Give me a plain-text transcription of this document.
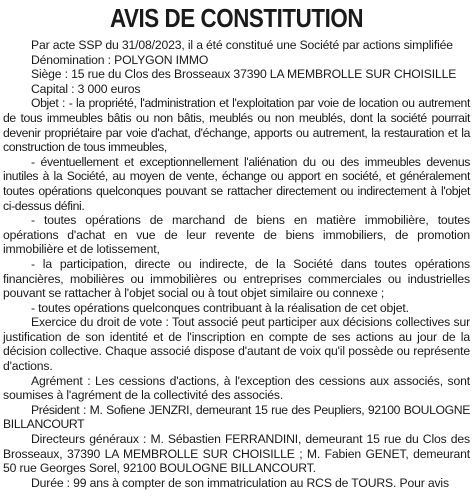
AVIS DE CONSTITUTION

Par acte SSP du 31/08/2023, il a été constitué une Société par actions simplifiée

Dénomination : POLYGON IMMO

Siège : 15 rue du Clos des Brosseaux 37390 LA MEMBROLLE SUR CHOISILLE

Capital : 3 000 euros

Objet : - la propriété, l'administration et l'exploitation par voie de location ou autrement de tous immeubles bâtis ou non bâtis, meublés ou non meublés, dont la société pourrait devenir propriétaire par voie d'achat, d'échange, apports ou autrement, la restauration et la construction de tous immeubles,

- éventuellement et exceptionnellement l'aliénation du ou des immeubles devenus inutiles à la Société, au moyen de vente, échange ou apport en société, et généralement toutes opérations quelconques pouvant se rattacher directement ou indirectement à l'objet ci-dessus défini.

- toutes opérations de marchand de biens en matière immobilière, toutes opérations d'achat en vue de leur revente de biens immobiliers, de promotion immobilière et de lotissement,

- la participation, directe ou indirecte, de la Société dans toutes opérations financières, mobilières ou immobilières ou entreprises commerciales ou industrielles pouvant se rattacher à l'objet social ou à tout objet similaire ou connexe ;

- toutes opérations quelconques contribuant à la réalisation de cet objet.

Exercice du droit de vote : Tout associé peut participer aux décisions collectives sur justification de son identité et de l'inscription en compte de ses actions au jour de la décision collective. Chaque associé dispose d'autant de voix qu'il possède ou représente d'actions.

Agrément : Les cessions d'actions, à l'exception des cessions aux associés, sont soumises à l'agrément de la collectivité des associés.

Président : M. Sofiene JENZRI, demeurant 15 rue des Peupliers, 92100 BOULOGNE BILLANCOURT

Directeurs généraux : M. Sébastien FERRANDINI, demeurant 15 rue du Clos des Brosseaux, 37390 LA MEMBROLLE SUR CHOISILLE ; M. Fabien GENET, demeurant 50 rue Georges Sorel, 92100 BOULOGNE BILLANCOURT.

Durée : 99 ans à compter de son immatriculation au RCS de TOURS. Pour avis
